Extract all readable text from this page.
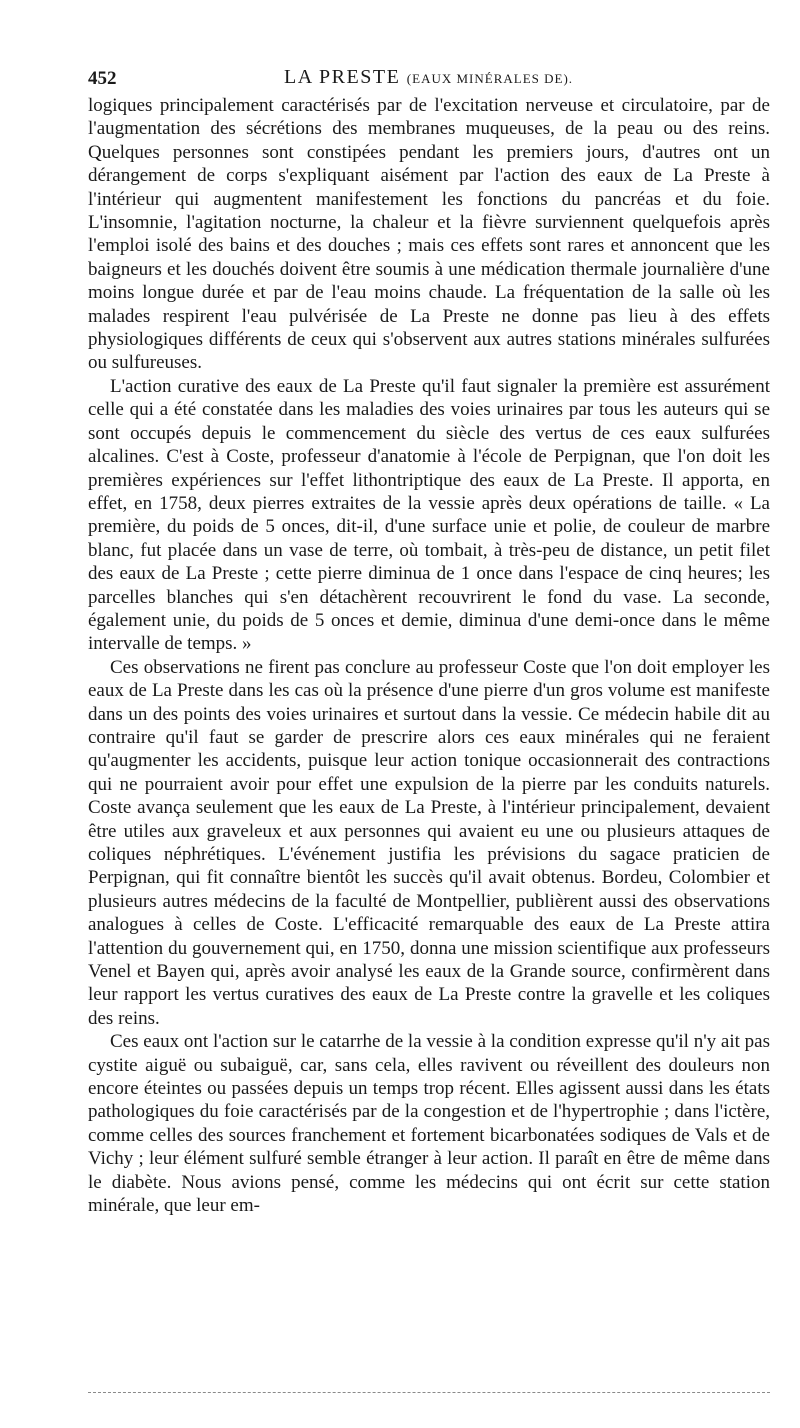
452	LA PRESTE (EAUX MINÉRALES DE).

logiques principalement caractérisés par de l'excitation nerveuse et circulatoire, par de l'augmentation des sécrétions des membranes muqueuses, de la peau ou des reins. Quelques personnes sont constipées pendant les premiers jours, d'autres ont un dérangement de corps s'expliquant aisément par l'action des eaux de La Preste à l'intérieur qui augmentent manifestement les fonctions du pancréas et du foie. L'insomnie, l'agitation nocturne, la chaleur et la fièvre surviennent quelquefois après l'emploi isolé des bains et des douches ; mais ces effets sont rares et annoncent que les baigneurs et les douchés doivent être soumis à une médication thermale journalière d'une moins longue durée et par de l'eau moins chaude. La fréquentation de la salle où les malades respirent l'eau pulvérisée de La Preste ne donne pas lieu à des effets physiologiques différents de ceux qui s'observent aux autres stations minérales sulfurées ou sulfureuses.

L'action curative des eaux de La Preste qu'il faut signaler la première est assurément celle qui a été constatée dans les maladies des voies urinaires par tous les auteurs qui se sont occupés depuis le commencement du siècle des vertus de ces eaux sulfurées alcalines. C'est à Coste, professeur d'anatomie à l'école de Perpignan, que l'on doit les premières expériences sur l'effet lithontriptique des eaux de La Preste. Il apporta, en effet, en 1758, deux pierres extraites de la vessie après deux opérations de taille. « La première, du poids de 5 onces, dit-il, d'une surface unie et polie, de couleur de marbre blanc, fut placée dans un vase de terre, où tombait, à très-peu de distance, un petit filet des eaux de La Preste ; cette pierre diminua de 1 once dans l'espace de cinq heures; les parcelles blanches qui s'en détachèrent recouvrirent le fond du vase. La seconde, également unie, du poids de 5 onces et demie, diminua d'une demi-once dans le même intervalle de temps. »

Ces observations ne firent pas conclure au professeur Coste que l'on doit employer les eaux de La Preste dans les cas où la présence d'une pierre d'un gros volume est manifeste dans un des points des voies urinaires et surtout dans la vessie. Ce médecin habile dit au contraire qu'il faut se garder de prescrire alors ces eaux minérales qui ne feraient qu'augmenter les accidents, puisque leur action tonique occasionnerait des contractions qui ne pourraient avoir pour effet une expulsion de la pierre par les conduits naturels. Coste avança seulement que les eaux de La Preste, à l'intérieur principalement, devaient être utiles aux graveleux et aux personnes qui avaient eu une ou plusieurs attaques de coliques néphrétiques. L'événement justifia les prévisions du sagace praticien de Perpignan, qui fit connaître bientôt les succès qu'il avait obtenus. Bordeu, Colombier et plusieurs autres médecins de la faculté de Montpellier, publièrent aussi des observations analogues à celles de Coste. L'efficacité remarquable des eaux de La Preste attira l'attention du gouvernement qui, en 1750, donna une mission scientifique aux professeurs Venel et Bayen qui, après avoir analysé les eaux de la Grande source, confirmèrent dans leur rapport les vertus curatives des eaux de La Preste contre la gravelle et les coliques des reins.

Ces eaux ont l'action sur le catarrhe de la vessie à la condition expresse qu'il n'y ait pas cystite aiguë ou subaiguë, car, sans cela, elles ravivent ou réveillent des douleurs non encore éteintes ou passées depuis un temps trop récent. Elles agissent aussi dans les états pathologiques du foie caractérisés par de la congestion et de l'hypertrophie ; dans l'ictère, comme celles des sources franchement et fortement bicarbonatées sodiques de Vals et de Vichy ; leur élément sulfuré semble étranger à leur action. Il paraît en être de même dans le diabète. Nous avions pensé, comme les médecins qui ont écrit sur cette station minérale, que leur em-
